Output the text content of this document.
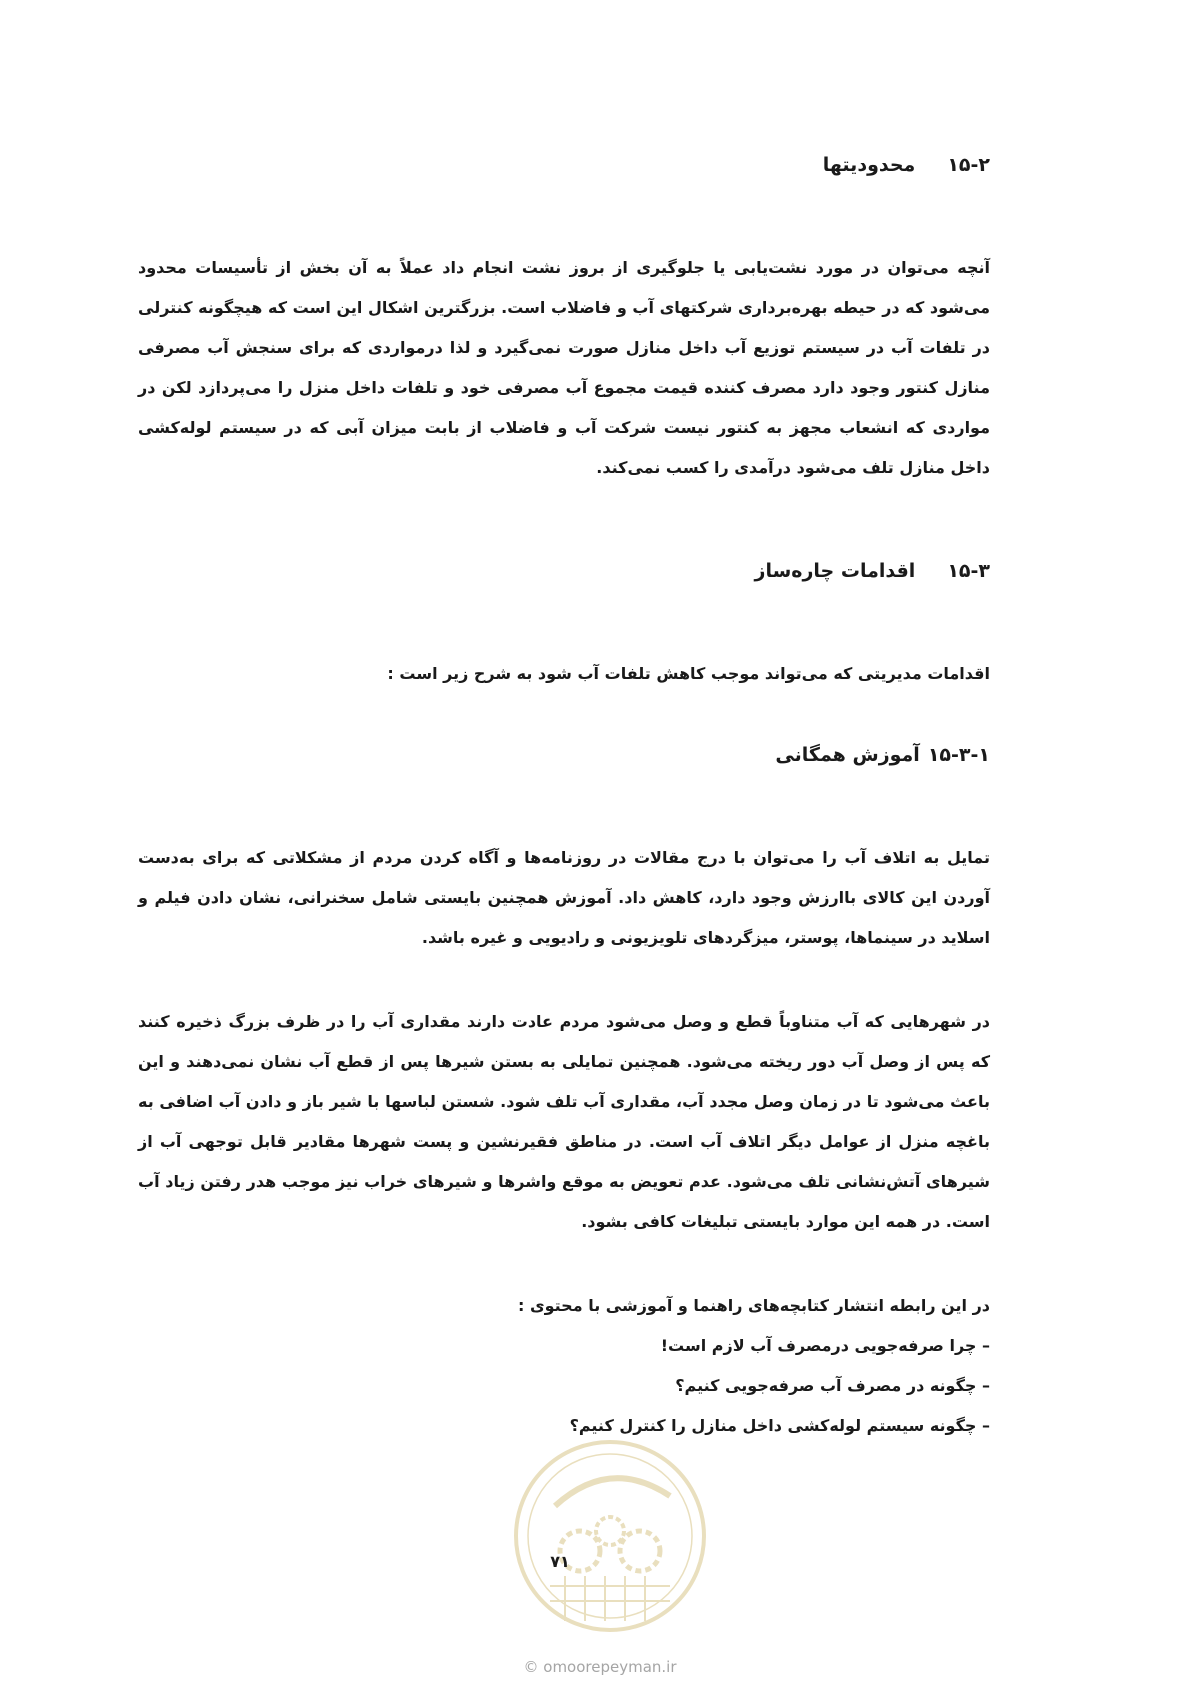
۱۵-۲محدودیتها

آنچه می‌توان در مورد نشت‌یابی یا جلوگیری از بروز نشت انجام داد عملاً به آن بخش از تأسیسات محدود می‌شود که در حیطه بهره‌برداری شرکتهای آب و فاضلاب است. بزرگترین اشکال این است که هیچگونه کنترلی در تلفات آب در سیستم توزیع آب داخل منازل صورت نمی‌گیرد و لذا درمواردی که برای سنجش آب مصرفی منازل کنتور وجود دارد مصرف کننده قیمت مجموع آب مصرفی خود و تلفات داخل منزل را می‌پردازد لکن در مواردی که انشعاب مجهز به کنتور نیست شرکت آب و فاضلاب از بابت میزان آبی که در سیستم لوله‌کشی داخل منازل تلف می‌شود درآمدی را کسب نمی‌کند.

۱۵-۳اقدامات چاره‌ساز

اقدامات مدیریتی که می‌تواند موجب کاهش تلفات آب شود به شرح زیر است :

۱۵-۳-۱آموزش همگانی

تمایل به اتلاف آب را می‌توان با درج مقالات در روزنامه‌ها و آگاه کردن مردم از مشکلاتی که برای به‌دست آوردن این کالای باارزش وجود دارد، کاهش داد. آموزش همچنین بایستی شامل سخنرانی، نشان دادن فیلم و اسلاید در سینماها، پوستر، میزگردهای تلویزیونی و رادیویی و غیره باشد.

در شهرهایی که آب متناوباً قطع و وصل می‌شود مردم عادت دارند مقداری آب را در ظرف بزرگ ذخیره کنند که پس از وصل آب دور ریخته می‌شود. همچنین تمایلی به بستن شیرها پس از قطع آب نشان نمی‌دهند و این باعث می‌شود تا در زمان وصل مجدد آب، مقداری آب تلف شود. شستن لباسها با شیر باز و دادن آب اضافی به باغچه منزل از عوامل دیگر اتلاف آب است. در مناطق فقیرنشین و پست شهرها مقادیر قابل توجهی آب از شیرهای آتش‌نشانی تلف می‌شود. عدم تعویض به موقع واشرها و شیرهای خراب نیز موجب هدر رفتن زیاد آب است. در همه این موارد بایستی تبلیغات کافی بشود.

در این رابطه انتشار کتابچه‌های راهنما و آموزشی با محتوی :

– چرا صرفه‌جویی درمصرف آب لازم است!
– چگونه در مصرف آب صرفه‌جویی کنیم؟
– چگونه سیستم لوله‌کشی داخل منازل را کنترل کنیم؟
۷۱
© omoorepeyman.ir
